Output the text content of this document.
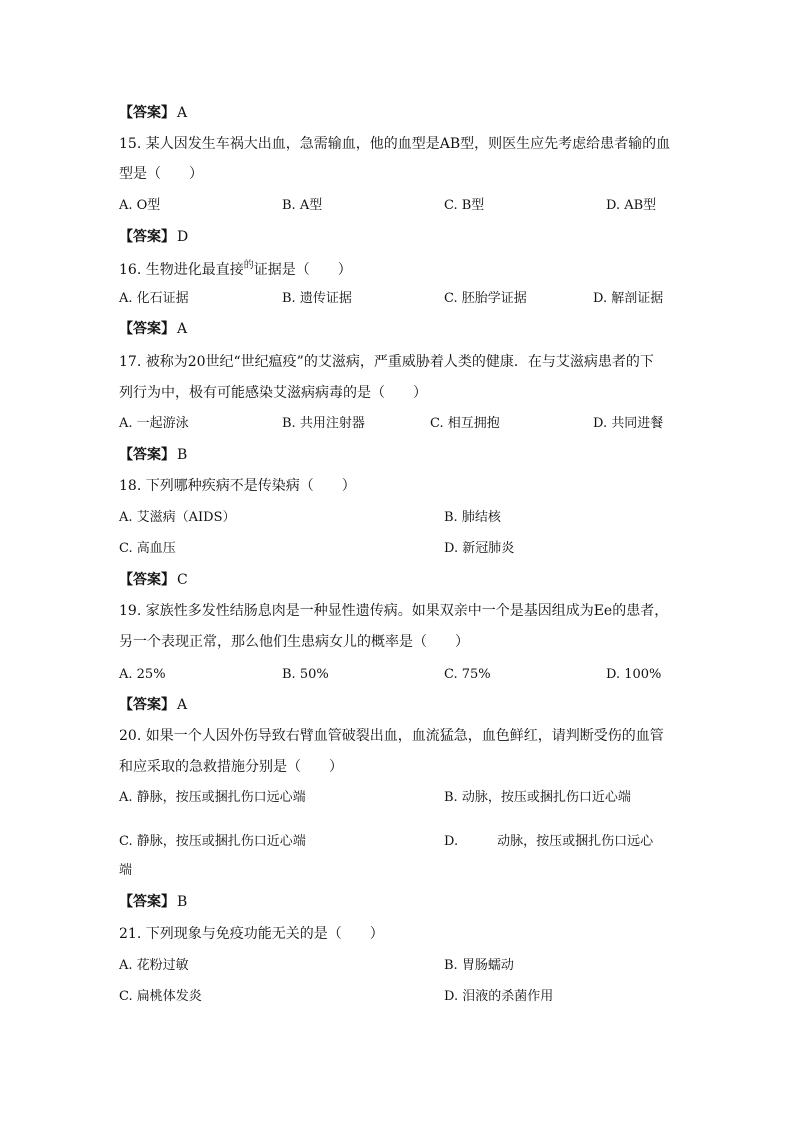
【答案】 A
15. 某人因发生车祸大出血，急需输血，他的血型是AB型，则医生应先考虑给患者输的血
型是（　　）
A. O型	B. A型	C. B型	D. AB型
【答案】 D
16. 生物进化最直接$^的$证据是（　　）
A. 化石证据	B. 遗传证据	C. 胚胎学证据	D. 解剖证据
【答案】 A
17. 被称为20世纪“世纪瘟疫”的艾滋病，严重威胁着人类的健康．在与艾滋病患者的下
列行为中，极有可能感染艾滋病病毒的是（　　）
A. 一起游泳	B. 共用注射器	C. 相互拥抱	D. 共同进餐
【答案】 B
18. 下列哪种疾病不是传染病（　　）
A. 艾滋病（AIDS）	B. 肺结核
C. 高血压	D. 新冠肺炎
【答案】 C
19. 家族性多发性结肠息肉是一种显性遗传病。如果双亲中一个是基因组成为Ee的患者，
另一个表现正常，那么他们生患病女儿的概率是（　　）
A. 25%	B. 50%	C. 75%	D. 100%
【答案】 A
20. 如果一个人因外伤导致右臂血管破裂出血，血流猛急，血色鲜红，请判断受伤的血管
和应采取的急救措施分别是（　　）
A. 静脉，按压或捆扎伤口远心端	B. 动脉，按压或捆扎伤口近心端
C. 静脉，按压或捆扎伤口近心端	D.　　　动脉，按压或捆扎伤口远心
端
【答案】 B
21. 下列现象与免疫功能无关的是（　　）
A. 花粉过敏	B. 胃肠蠕动
C. 扁桃体发炎	D. 泪液的杀菌作用
